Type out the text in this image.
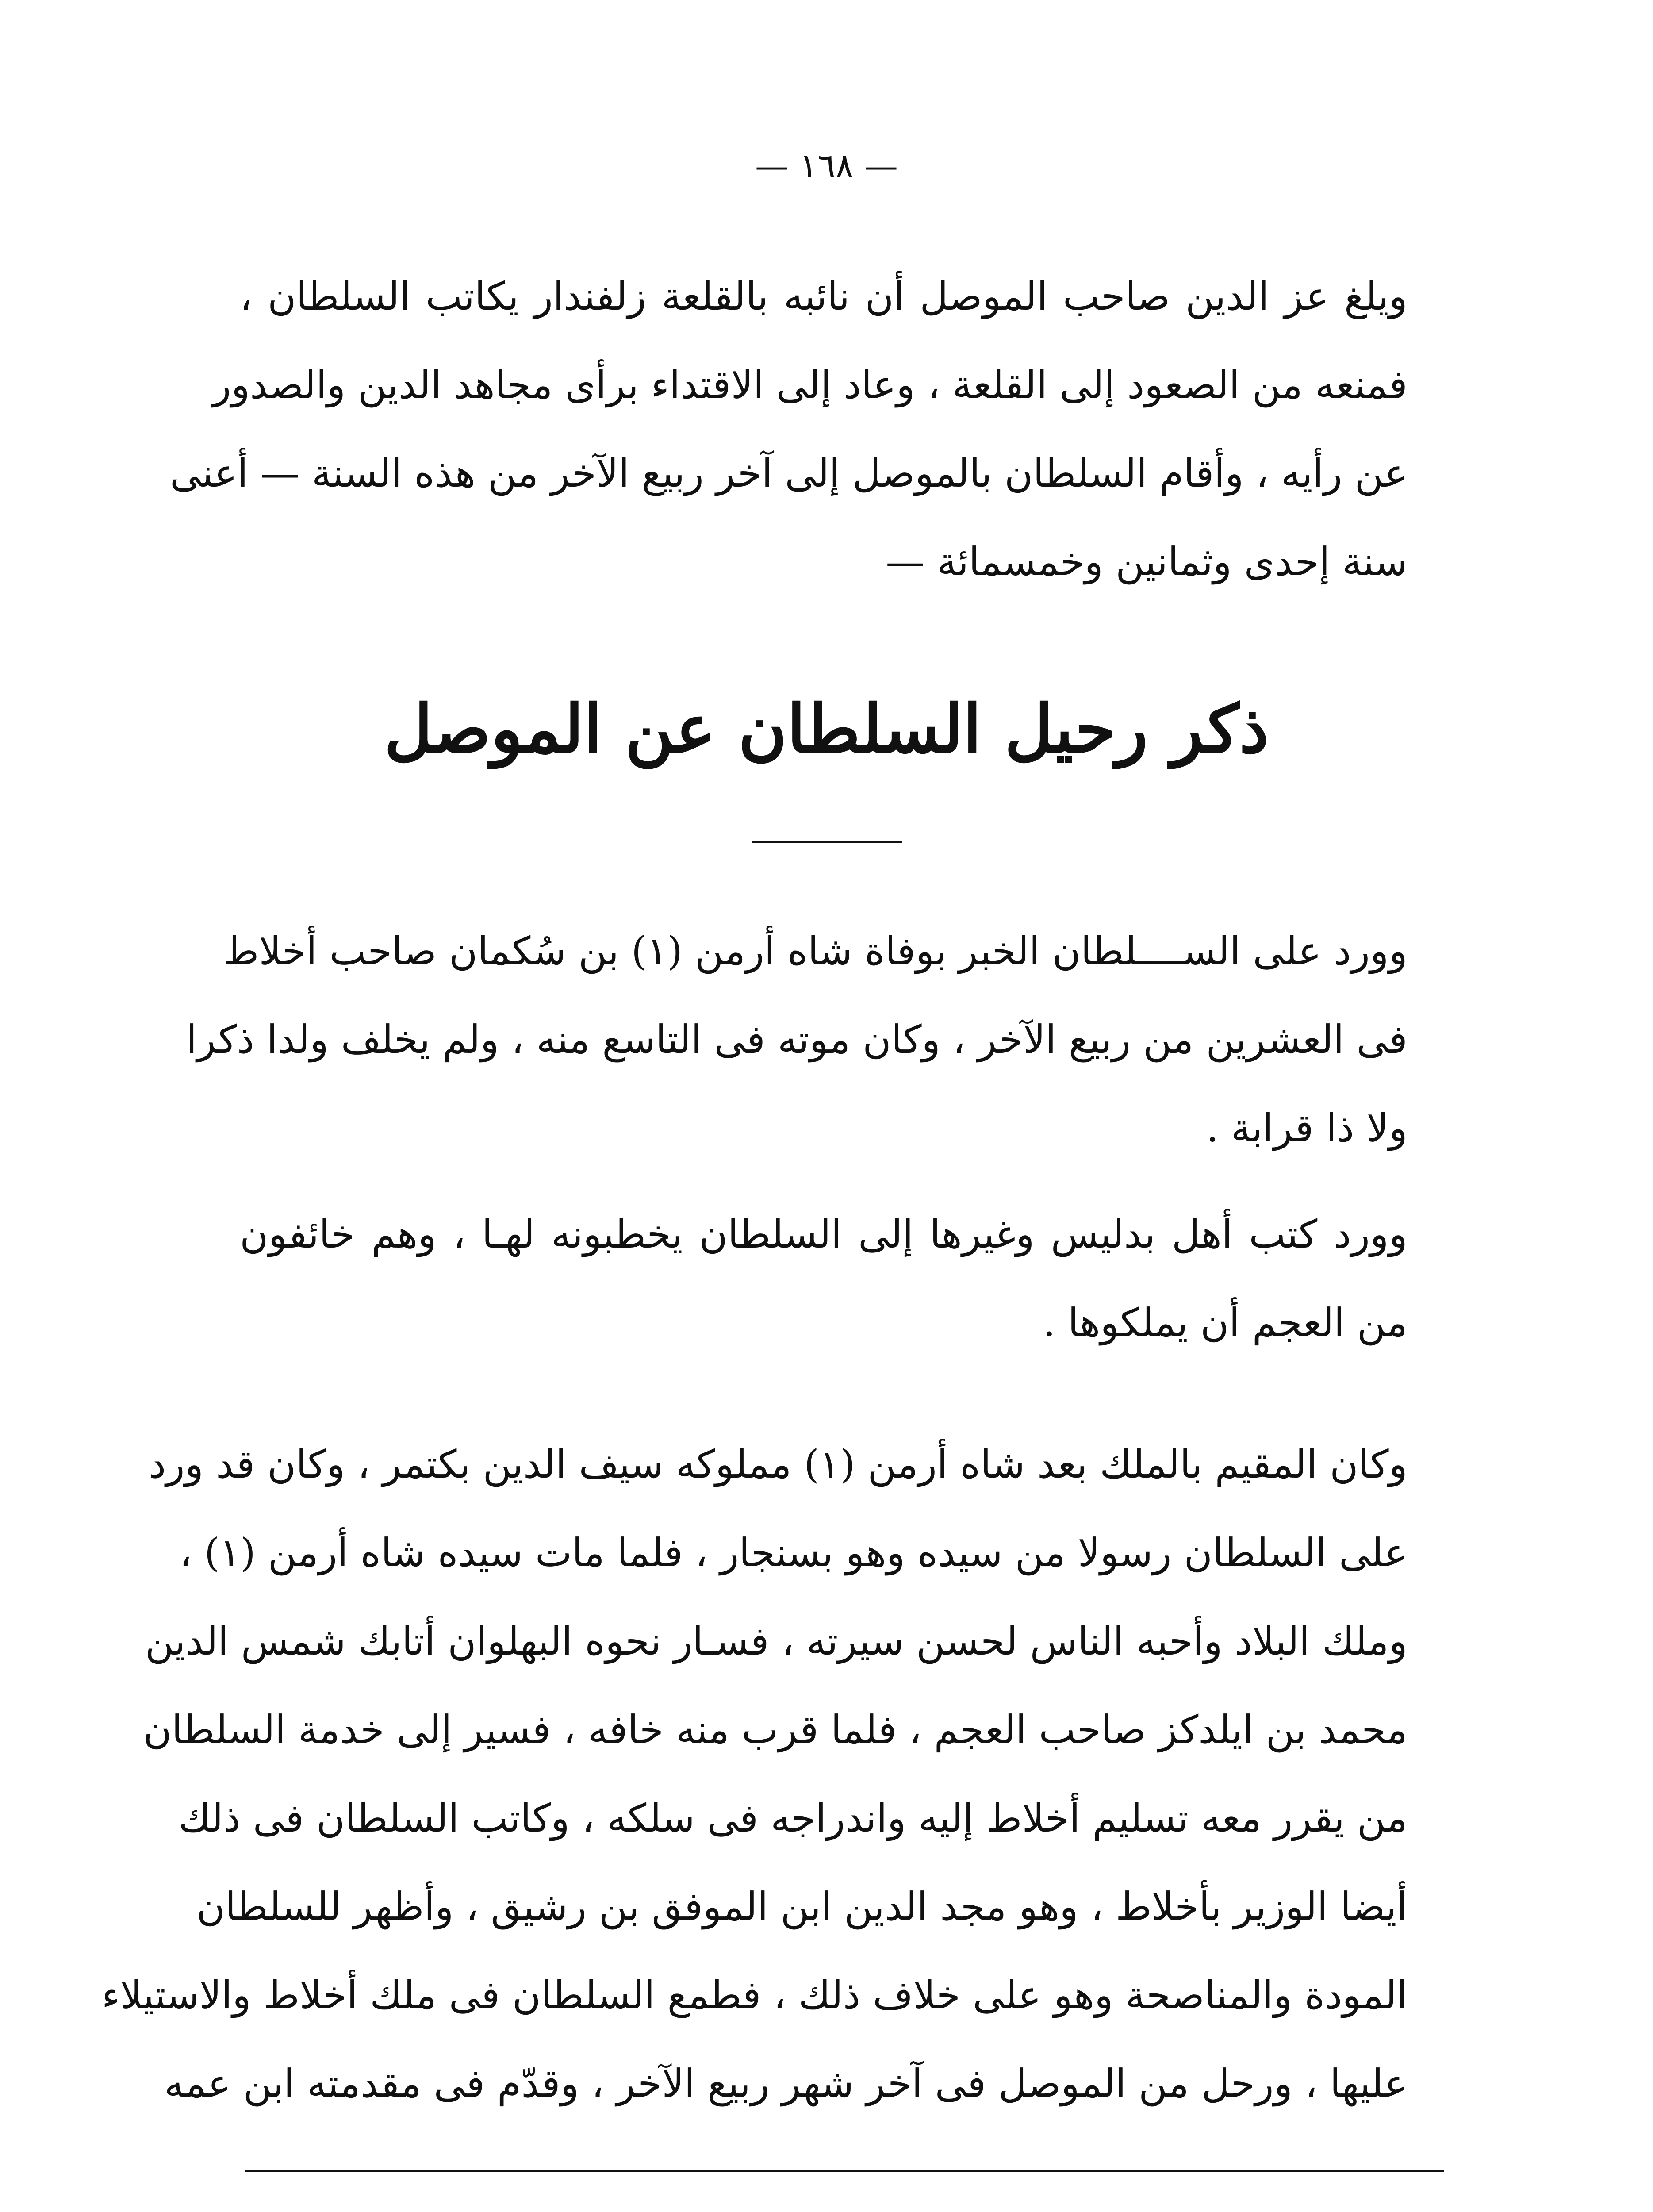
— ١٦٨ —
ويلغ عز الدين صاحب الموصل أن نائبه بالقلعة زلفندار يكاتب السلطان ،
فمنعه من الصعود إلى القلعة ، وعاد إلى الاقتداء برأى مجاهد الدين والصدور
عن رأيه ، وأقام السلطان بالموصل إلى آخر ربيع الآخر من هذه السنة — أعنى
سنة إحدى وثمانين وخمسمائة —
ذكر رحيل السلطان عن الموصل
وورد على الســــلطان الخبر بوفاة شاه أرمن (١) بن سُكمان صاحب أخلاط
فى العشرين من ربيع الآخر ، وكان موته فى التاسع منه ، ولم يخلف ولدا ذكرا
ولا ذا قرابة .
وورد كتب أهل بدليس وغيرها إلى السلطان يخطبونه لهـا ، وهم خائفون
من العجم أن يملكوها .
وكان المقيم بالملك بعد شاه أرمن (١) مملوكه سيف الدين بكتمر ، وكان قد ورد
على السلطان رسولا من سيده وهو بسنجار ، فلما مات سيده شاه أرمن (١) ،
وملك البلاد وأحبه الناس لحسن سيرته ، فسـار نحوه البهلوان أتابك شمس الدين
محمد بن ايلدكز صاحب العجم ، فلما قرب منه خافه ، فسير إلى خدمة السلطان
من يقرر معه تسليم أخلاط إليه واندراجه فى سلكه ، وكاتب السلطان فى ذلك
أيضا الوزير بأخلاط ، وهو مجد الدين ابن الموفق بن رشيق ، وأظهر للسلطان
المودة والمناصحة وهو على خلاف ذلك ، فطمع السلطان فى ملك أخلاط والاستيلاء
عليها ، ورحل من الموصل فى آخر شهر ربيع الآخر ، وقدّم فى مقدمته ابن عمه
